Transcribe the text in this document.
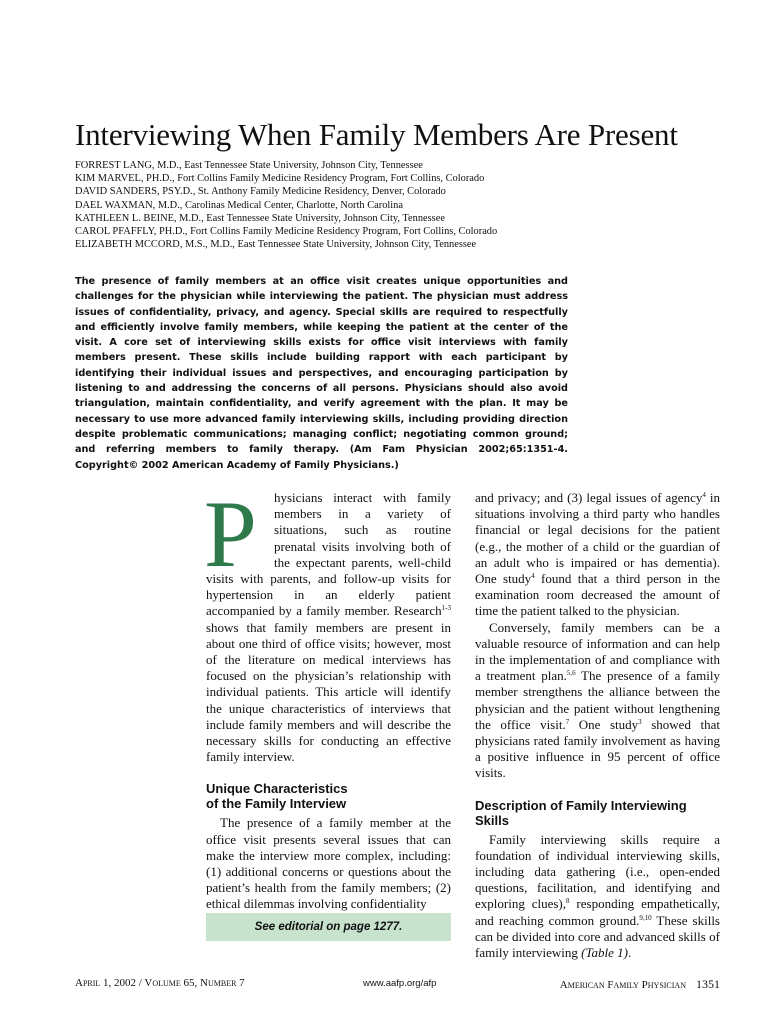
Interviewing When Family Members Are Present
FORREST LANG, M.D., East Tennessee State University, Johnson City, Tennessee
KIM MARVEL, PH.D., Fort Collins Family Medicine Residency Program, Fort Collins, Colorado
DAVID SANDERS, PSY.D., St. Anthony Family Medicine Residency, Denver, Colorado
DAEL WAXMAN, M.D., Carolinas Medical Center, Charlotte, North Carolina
KATHLEEN L. BEINE, M.D., East Tennessee State University, Johnson City, Tennessee
CAROL PFAFFLY, PH.D., Fort Collins Family Medicine Residency Program, Fort Collins, Colorado
ELIZABETH MCCORD, M.S., M.D., East Tennessee State University, Johnson City, Tennessee

The presence of family members at an office visit creates unique opportunities and challenges for the physician while interviewing the patient. The physician must address issues of confidentiality, privacy, and agency. Special skills are required to respectfully and efficiently involve family members, while keeping the patient at the center of the visit. A core set of interviewing skills exists for office visit interviews with family members present. These skills include building rapport with each participant by identifying their individual issues and perspectives, and encouraging participation by listening to and addressing the concerns of all persons. Physicians should also avoid triangulation, maintain confidentiality, and verify agreement with the plan. It may be necessary to use more advanced family interviewing skills, including providing direction despite problematic communications; managing conflict; negotiating common ground; and referring members to family therapy. (Am Fam Physician 2002;65:1351-4. Copyright© 2002 American Academy of Family Physicians.)

P	hysicians interact with family members in a variety of situations, such as routine prenatal visits involving both of the expectant parents, well-child visits with parents, and follow-up visits for hypertension in an elderly patient accompanied by a family member. Research$^{1-3}$ shows that family members are present in about one third of office visits; however, most of the literature on medical interviews has focused on the physician’s relationship with individual patients. This article will identify the unique characteristics of interviews that include family members and will describe the necessary skills for conducting an effective family interview.

Unique Characteristics
of the Family Interview

The presence of a family member at the office visit presents several issues that can make the interview more complex, including: (1) additional concerns or questions about the patient’s health from the family members; (2) ethical dilemmas involving confidentiality

See editorial on page 1277.

and privacy; and (3) legal issues of agency$^4$ in situations involving a third party who handles financial or legal decisions for the patient (e.g., the mother of a child or the guardian of an adult who is impaired or has dementia). One study$^4$ found that a third person in the examination room decreased the amount of time the patient talked to the physician.

Conversely, family members can be a valuable resource of information and can help in the implementation of and compliance with a treatment plan.$^{5,6}$ The presence of a family member strengthens the alliance between the physician and the patient without lengthening the office visit.$^7$ One study$^3$ showed that physicians rated family involvement as having a positive influence in 95 percent of office visits.

Description of Family Interviewing Skills

Family interviewing skills require a foundation of individual interviewing skills, including data gathering (i.e., open-ended questions, facilitation, and identifying and exploring clues),$^8$ responding empathetically, and reaching common ground.$^{9,10}$ These skills can be divided into core and advanced skills of family interviewing (Table 1).

April 1, 2002 / Volume 65, Number 7	www.aafp.org/afp	American Family Physician 1351
